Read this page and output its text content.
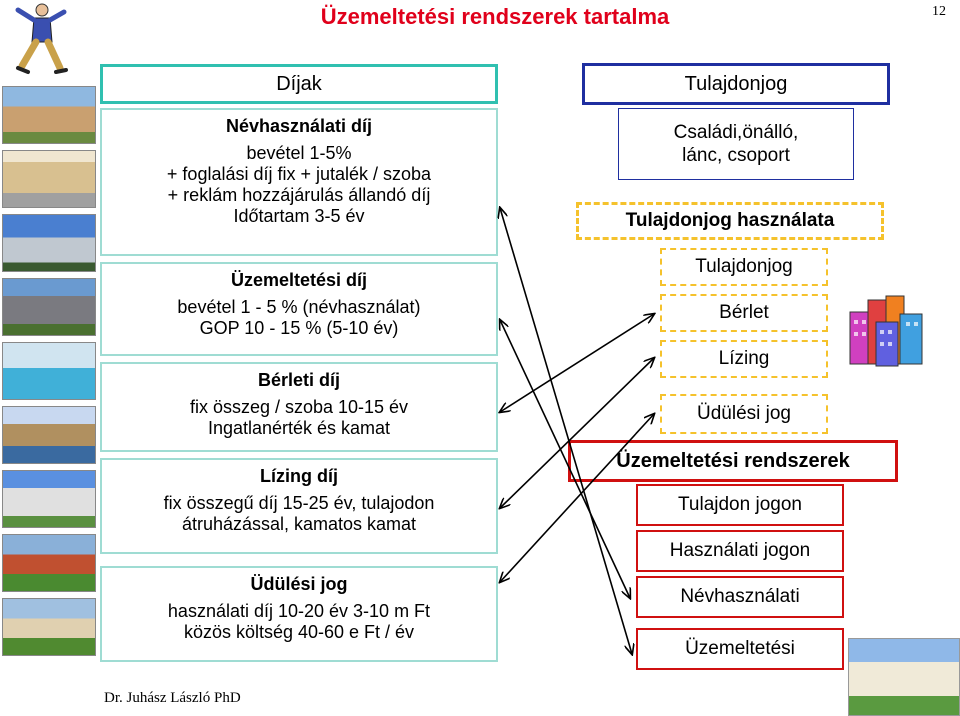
Üzemeltetési rendszerek tartalma	12
Díjak
Névhasználati díj
bevétel 1-5%
+ foglalási díj fix + jutalék / szoba
+ reklám hozzájárulás állandó díj
Időtartam 3-5 év
Üzemeltetési díj
bevétel 1 - 5 % (névhasználat)
GOP 10 - 15 % (5-10 év)
Bérleti díj
fix összeg / szoba 10-15 év
Ingatlanérték és kamat
Lízing díj
fix összegű díj 15-25 év, tulajodon
átruházással, kamatos kamat
Üdülési jog
használati díj 10-20 év 3-10 m Ft
közös költség 40-60 e Ft / év
Tulajdonjog
Családi,önálló,
lánc, csoport
Tulajdonjog használata
Tulajdonjog
Bérlet
Lízing
Üdülési jog
Üzemeltetési rendszerek
Tulajdon jogon
Használati jogon
Névhasználati
Üzemeltetési
Dr. Juhász László PhD
